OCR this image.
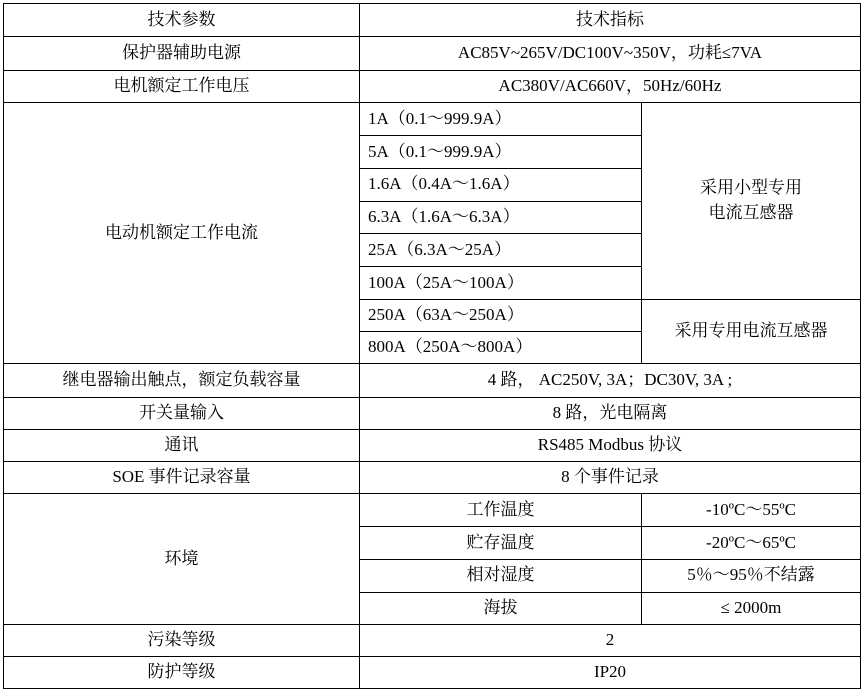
技术参数	技术指标	
保护器辅助电源	AC85V~265V/DC100V~350V，功耗≤7VA	
电机额定工作电压	AC380V/AC660V，50Hz/60Hz	
电动机额定工作电流	1A（0.1～999.9A）	采用小型专用
电流互感器
	5A（0.1～999.9A）	
	1.6A（0.4A～1.6A）	
	6.3A（1.6A～6.3A）	
	25A（6.3A～25A）	
	100A（25A～100A）	
	250A（63A～250A）	采用专用电流互感器
	800A（250A～800A）	
继电器输出触点，额定负载容量	4 路， AC250V, 3A；DC30V, 3A ;	
开关量输入	8 路，光电隔离	
通讯	RS485 Modbus 协议	
SOE 事件记录容量	8 个事件记录	
环境	工作温度	-10ºC～55ºC
	贮存温度	-20ºC～65ºC
	相对湿度	5％～95％不结露
	海拔	≤ 2000m
污染等级	2	
防护等级	IP20	
